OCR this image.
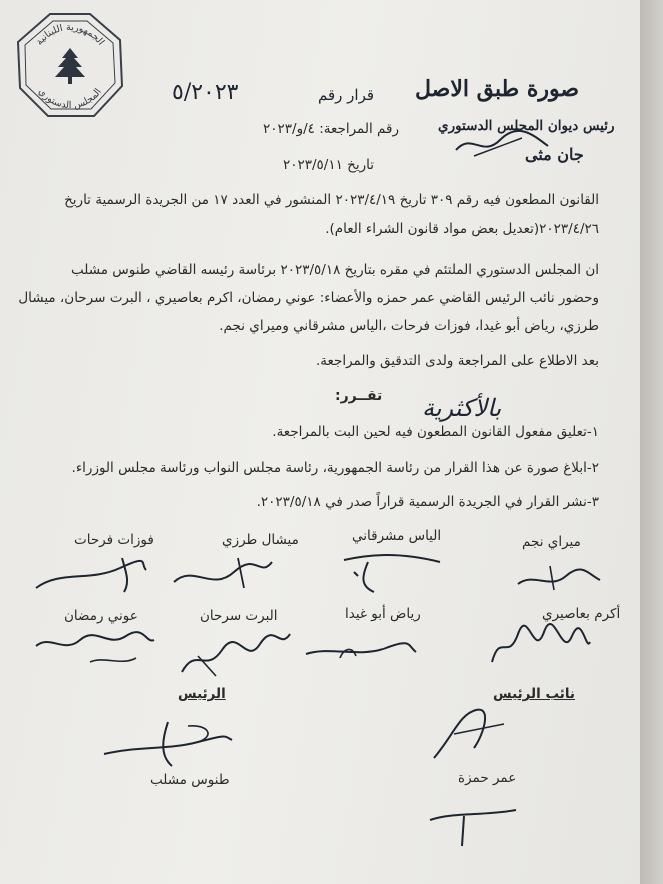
الجمهورية اللبنانية
المجلس الدستوري	قرار رقم
٥/٢٠٢٣	صورة طبق الاصل
رئيس ديوان المجلس الدستوري
رقم المراجعة: ٤/و/٢٠٢٣
تاريخ ٢٠٢٣/٥/١١
جان مثى
القانون المطعون فيه رقم ٣٠٩ تاريخ ٢٠٢٣/٤/١٩ المنشور في العدد ١٧ من الجريدة الرسمية تاريخ
٢٠٢٣/٤/٢٦(تعديل بعض مواد قانون الشراء العام).
ان المجلس الدستوري الملتئم في مقره بتاريخ ٢٠٢٣/٥/١٨ برئاسة رئيسه القاضي طنوس مشلب
وحضور نائب الرئيس القاضي عمر حمزه والأعضاء: عوني رمضان، اكرم بعاصيري ، البرت سرحان، ميشال
طرزي، رياض أبو غيدا، فوزات فرحات ،الياس مشرقاني وميراي نجم.
بعد الاطلاع على المراجعة ولدى التدقيق والمراجعة.
تقــرر: بالأكثرية
١-تعليق مفعول القانون المطعون فيه لحين البت بالمراجعة.
٢-ابلاغ صورة عن هذا القرار من رئاسة الجمهورية، رئاسة مجلس النواب ورئاسة مجلس الوزراء.
٣-نشر القرار في الجريدة الرسمية قراراً صدر في ٢٠٢٣/٥/١٨.
ميراي نجم
الياس مشرقاني
ميشال طرزي
فوزات فرحات
أكرم بعاصيري
رياض أبو غيدا
البرت سرحان
عوني رمضان
نائب الرئيس
الرئيس
عمر حمزة
طنوس مشلب
